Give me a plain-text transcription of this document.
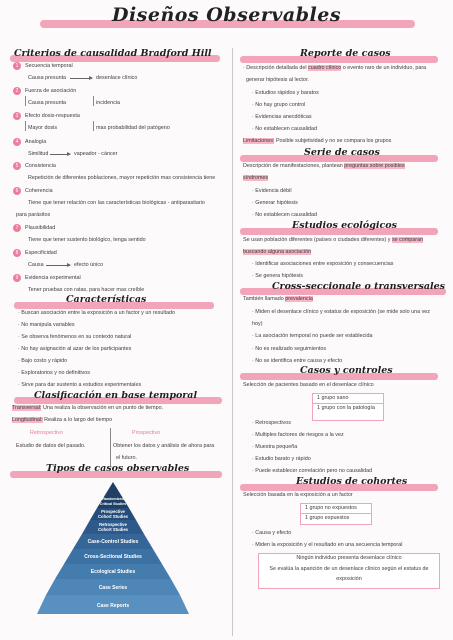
Diseños Observables
Criterios de causalidad Bradford Hill
1	Secuencia temporal
Causa presunta	desenlace clínico
2	Fuerza de asociación
Causa presunta	incidencia
3	Efecto dosis-respuesta
Mayor dosis	mas probabilidad del patógeno
4	Analogía
Similitud	vapeador - cáncer
5	Consistencia
Repetición de diferentes poblaciones, mayor repetición mas consistencia tiene
6	Coherencia
Tiene que tener relación con las características biológicas - antiparasitario
para parásitos
7	Plausibilidad
Tiene que tener sustento biológico, tenga sentido
8	Especificidad
Causa	efecto único
9	Evidencia experimental
Tener pruebas con ratas, para hacer mas creíble
Características
· Buscan asociación entre la exposición a un factor y un resultado
· No manipula variables
· Se observa fenómenos en su contexto natural
· No hay asignación al azar de los participantes
· Bajo costo y rápido
· Exploratorios y no definitivos
· Sirve para dar sustento a estudios experimentales
Clasificación en base temporal
Transversal: Una realiza la observación en un punto de tiempo.
Longitudinal: Realiza a lo largo del tiempo
Retrospectivo	Prospectivo
Estudio de datos del pasado.	Obtener los datos y análisis de ahora para
el futuro.
Tipos de casos observables
Randomized
Critical Studies
Prospective
Cohort Studies
Retrospective
Cohort Studies
Case-Control Studies
Cross-Sectional Studies
Ecological Studies
Case Series
Case Reports
Reporte de casos
· Descripción detallada del cuadro clínico o evento raro de un individuo, para
generar hipótesis al lector.
· Estudios rápidos y baratos
· No hay grupo control
· Evidencias anecdóticas
· No establecen causalidad
Limitaciones: Posible subjetividad y no se compara los grupos
Serie de casos
Descripción de manifestaciones, plantean preguntas sobre posibles
síndromes
· Evidencia débil
· Generar hipótesis
· No establecen causalidad
Estudios ecológicos
Se usan población diferentes (países o ciudades diferentes) y se comparan
buscando alguna asociación
· Identificar asociaciones entre exposición y consecuencias
· Se genera hipótesis
Cross-seccionale o transversales
También llamado prevalencia
· Miden el desenlace clínico y estatus de exposición (se mide solo una vez
hoy)
· La asociación temporal no puede ser establecida
· No es realizado seguimientos
· No se identifica entre causa y efecto
Casos y controles
Selección de pacientes basado en el desenlace clínico
1 grupo sano
1 grupo con la patología
· Retrospectivos
· Multiples factores de riesgos a la vez
· Muestra pequeña
· Estudio barato y rápido
· Puede establecer correlación pero no causalidad
Estudios de cohortes
Selección basada en la exposición a un factor
1 grupo no expuestos
1 grupo expuestos
· Causa y efecto
· Miden la exposición y el resultado en una secuencia temporal
Ningún individuo presenta desenlace clínico
Se evalúa la aparición de un desenlace clínico según el estatus de
exposición
